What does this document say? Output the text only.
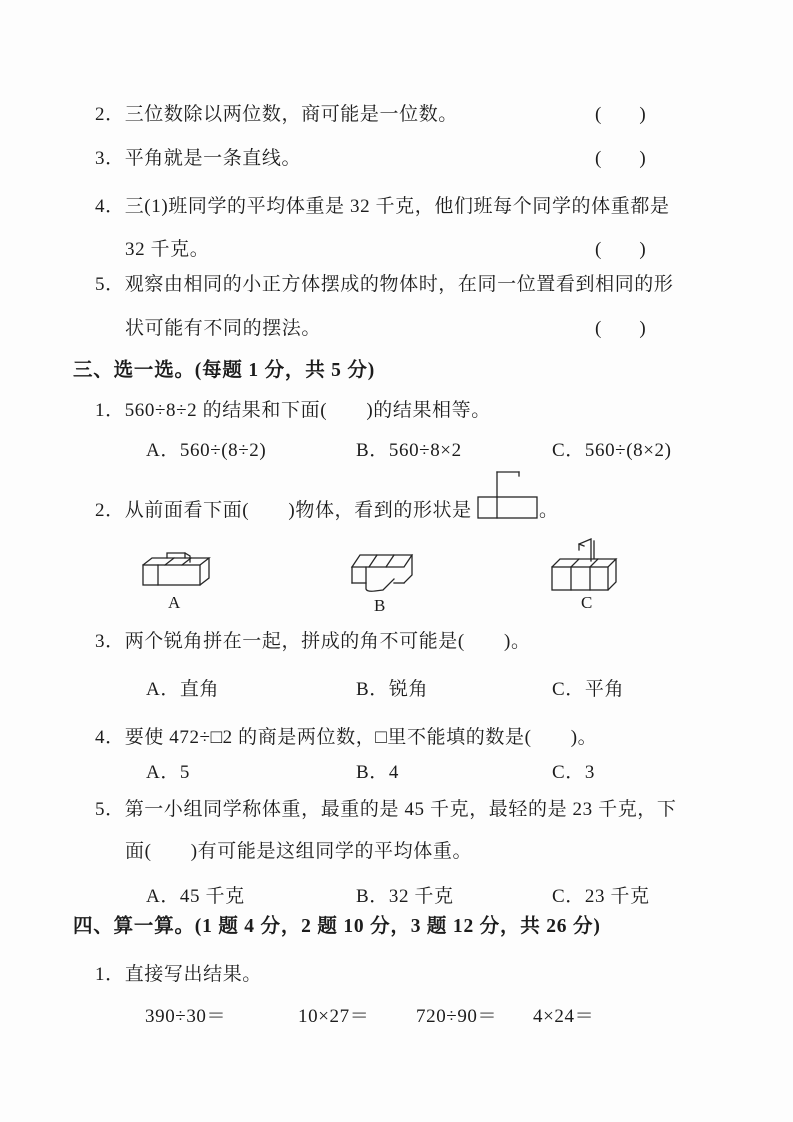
2．三位数除以两位数，商可能是一位数。	(　　)
3．平角就是一条直线。	(　　)
4．三(1)班同学的平均体重是 32 千克，他们班每个同学的体重都是
32 千克。	(　　)
5．观察由相同的小正方体摆成的物体时，在同一位置看到相同的形
状可能有不同的摆法。	(　　)
三、选一选。(每题 1 分，共 5 分)
1．560÷8÷2 的结果和下面(　　)的结果相等。
A．560÷(8÷2)	B．560÷8×2	C．560÷(8×2)
2．从前面看下面(　　)物体，看到的形状是	。
A	B	C
3．两个锐角拼在一起，拼成的角不可能是(　　)。
A．直角	B．锐角	C．平角
4．要使 472÷□2 的商是两位数，□里不能填的数是(　　)。
A．5	B．4	C．3
5．第一小组同学称体重，最重的是 45 千克，最轻的是 23 千克，下
面(　　)有可能是这组同学的平均体重。
A．45 千克	B．32 千克	C．23 千克
四、算一算。(1 题 4 分，2 题 10 分，3 题 12 分，共 26 分)
1．直接写出结果。
390÷30＝	10×27＝ 720÷90＝ 4×24＝
